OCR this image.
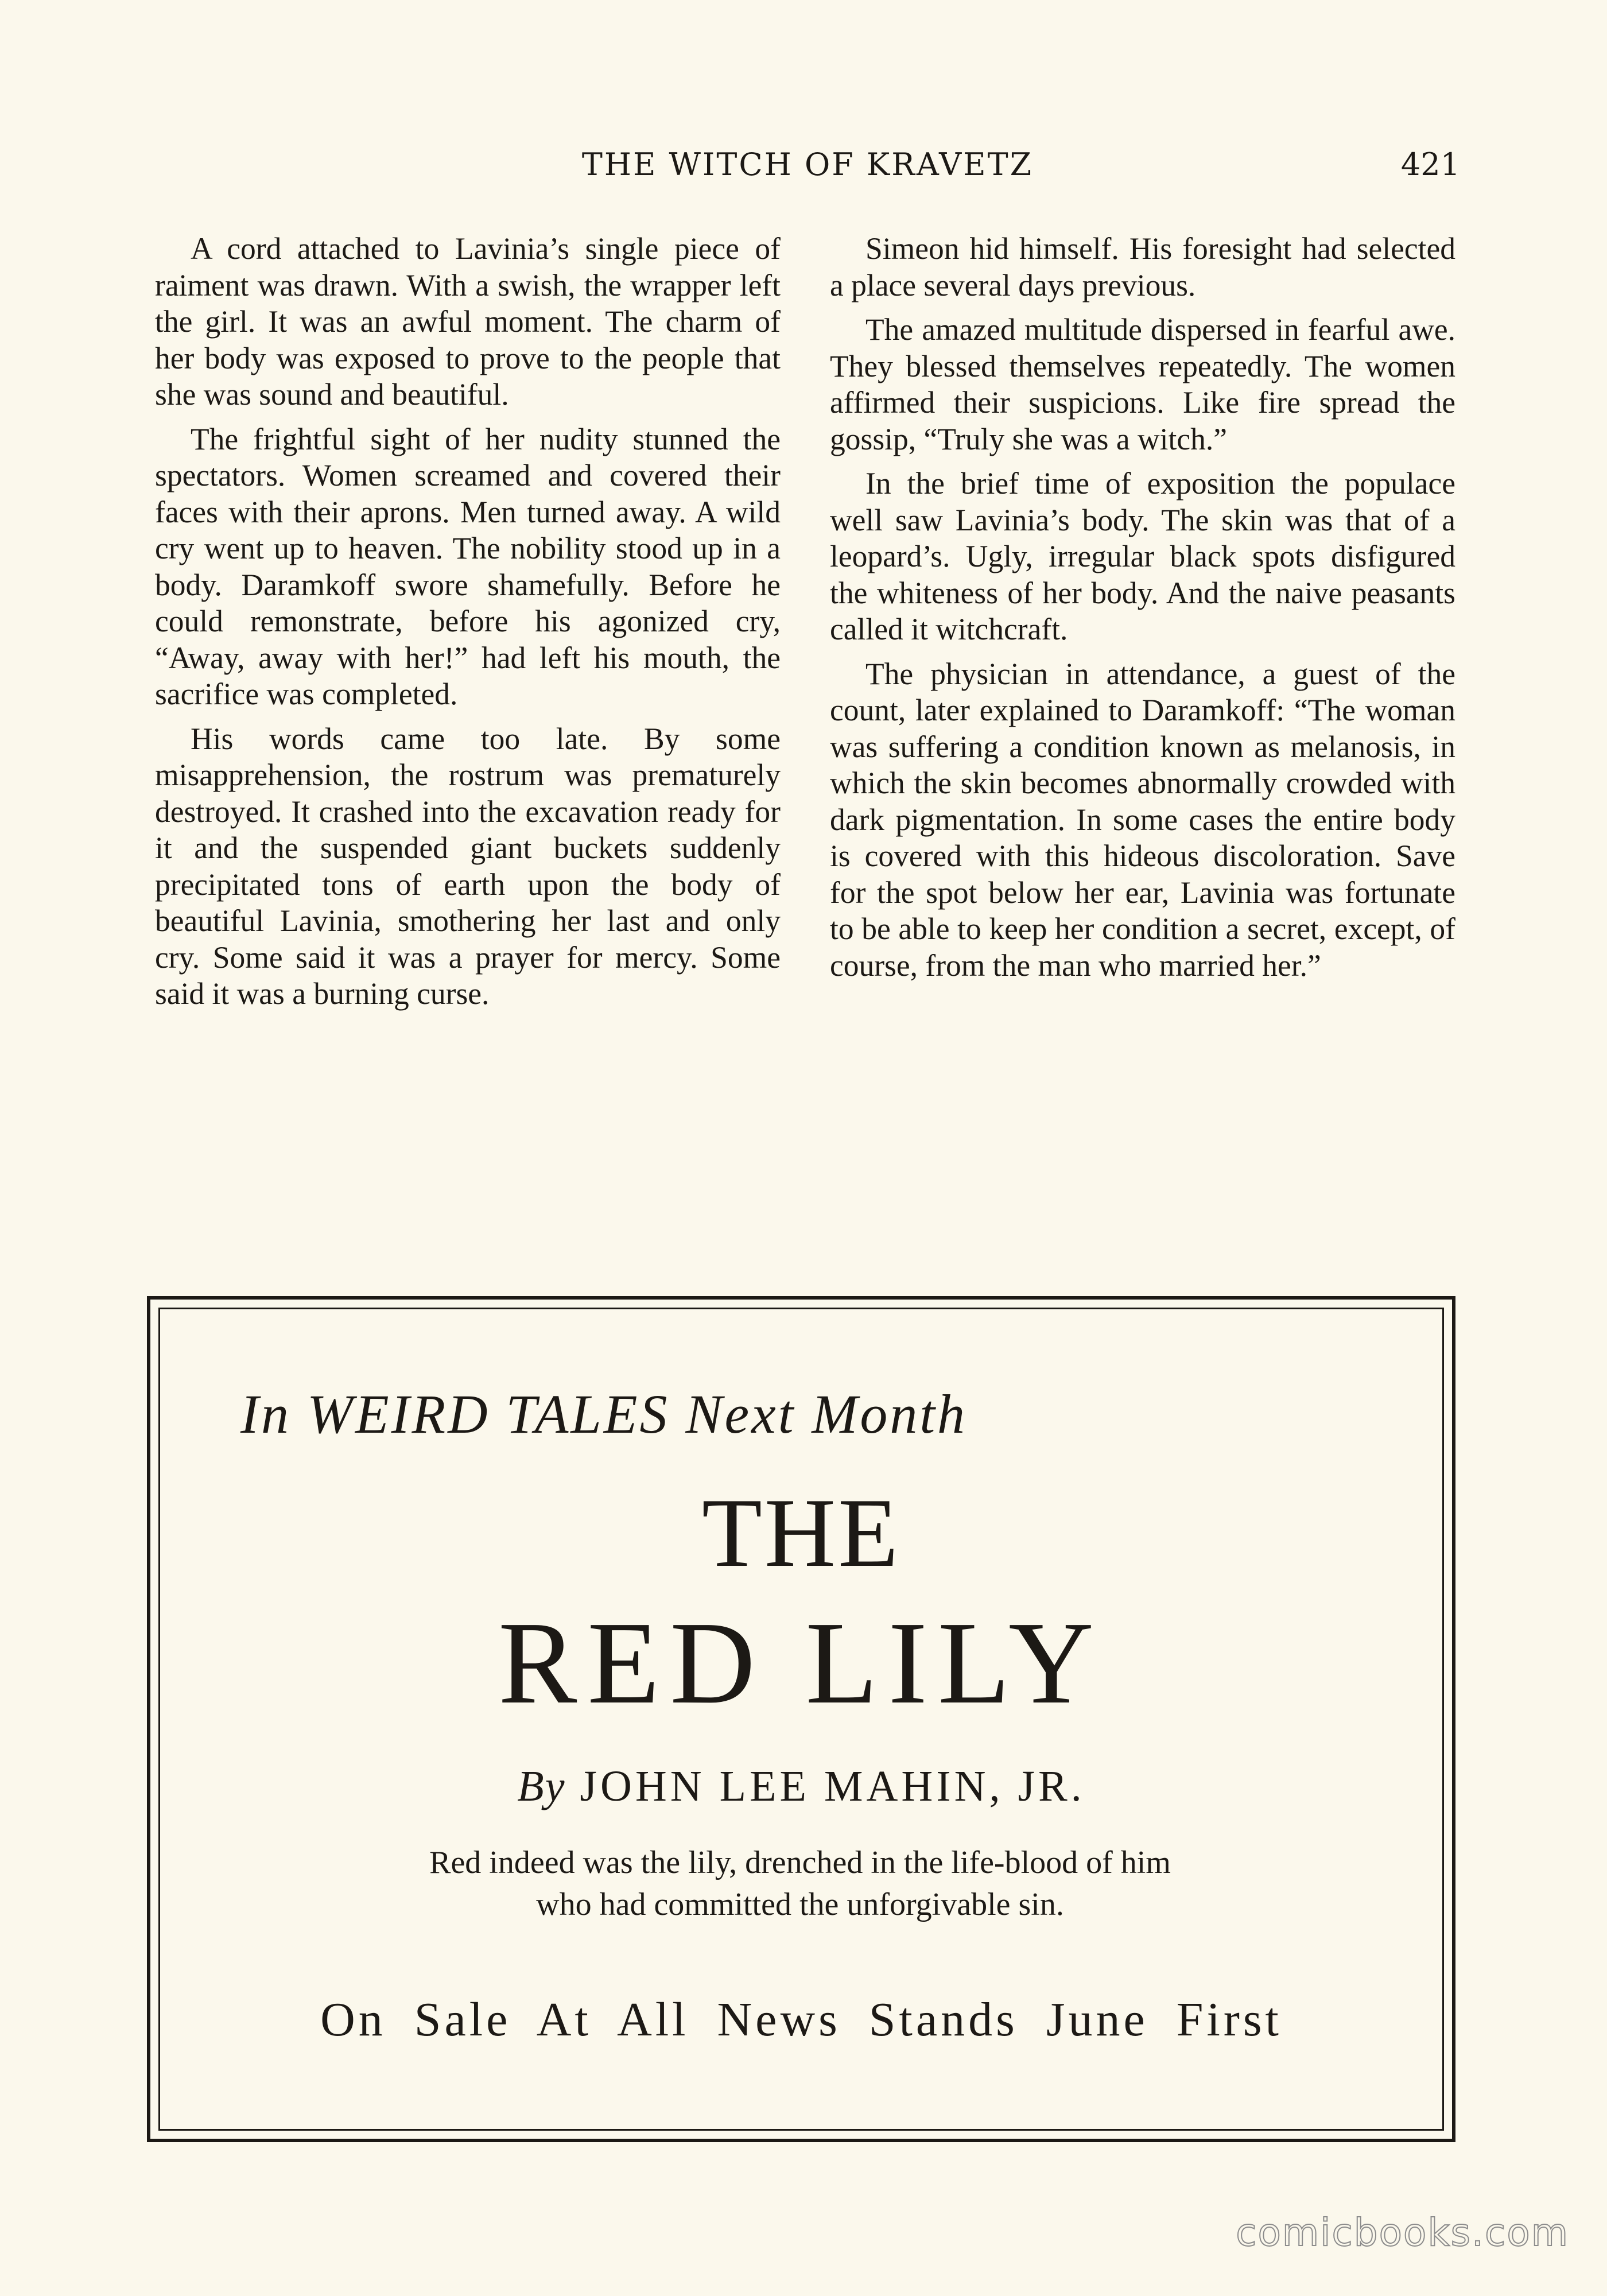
THE WITCH OF KRAVETZ	421

A cord attached to Lavinia’s single piece of raiment was drawn. With a swish, the wrapper left the girl. It was an awful moment. The charm of her body was exposed to prove to the people that she was sound and beautiful.

The frightful sight of her nudity stunned the spectators. Women screamed and covered their faces with their aprons. Men turned away. A wild cry went up to heaven. The nobility stood up in a body. Daramkoff swore shamefully. Before he could remonstrate, before his agonized cry, “Away, away with her!” had left his mouth, the sacrifice was completed.

His words came too late. By some misapprehension, the rostrum was prematurely destroyed. It crashed into the excavation ready for it and the suspended giant buckets suddenly precipitated tons of earth upon the body of beautiful Lavinia, smothering her last and only cry. Some said it was a prayer for mercy. Some said it was a burning curse.

Simeon hid himself. His foresight had selected a place several days previous.

The amazed multitude dispersed in fearful awe. They blessed themselves repeatedly. The women affirmed their suspicions. Like fire spread the gossip, “Truly she was a witch.”

In the brief time of exposition the populace well saw Lavinia’s body. The skin was that of a leopard’s. Ugly, irregular black spots disfigured the whiteness of her body. And the naive peasants called it witchcraft.

The physician in attendance, a guest of the count, later explained to Daramkoff: “The woman was suffering a condition known as melanosis, in which the skin becomes abnormally crowded with dark pigmentation. In some cases the entire body is covered with this hideous discoloration. Save for the spot below her ear, Lavinia was fortunate to be able to keep her condition a secret, except, of course, from the man who married her.”

In WEIRD TALES Next Month
THE
RED LILY
By JOHN LEE MAHIN, JR.
Red indeed was the lily, drenched in the life-blood of him who had committed the unforgivable sin.
On Sale At All News Stands June First
comicbooks.com
